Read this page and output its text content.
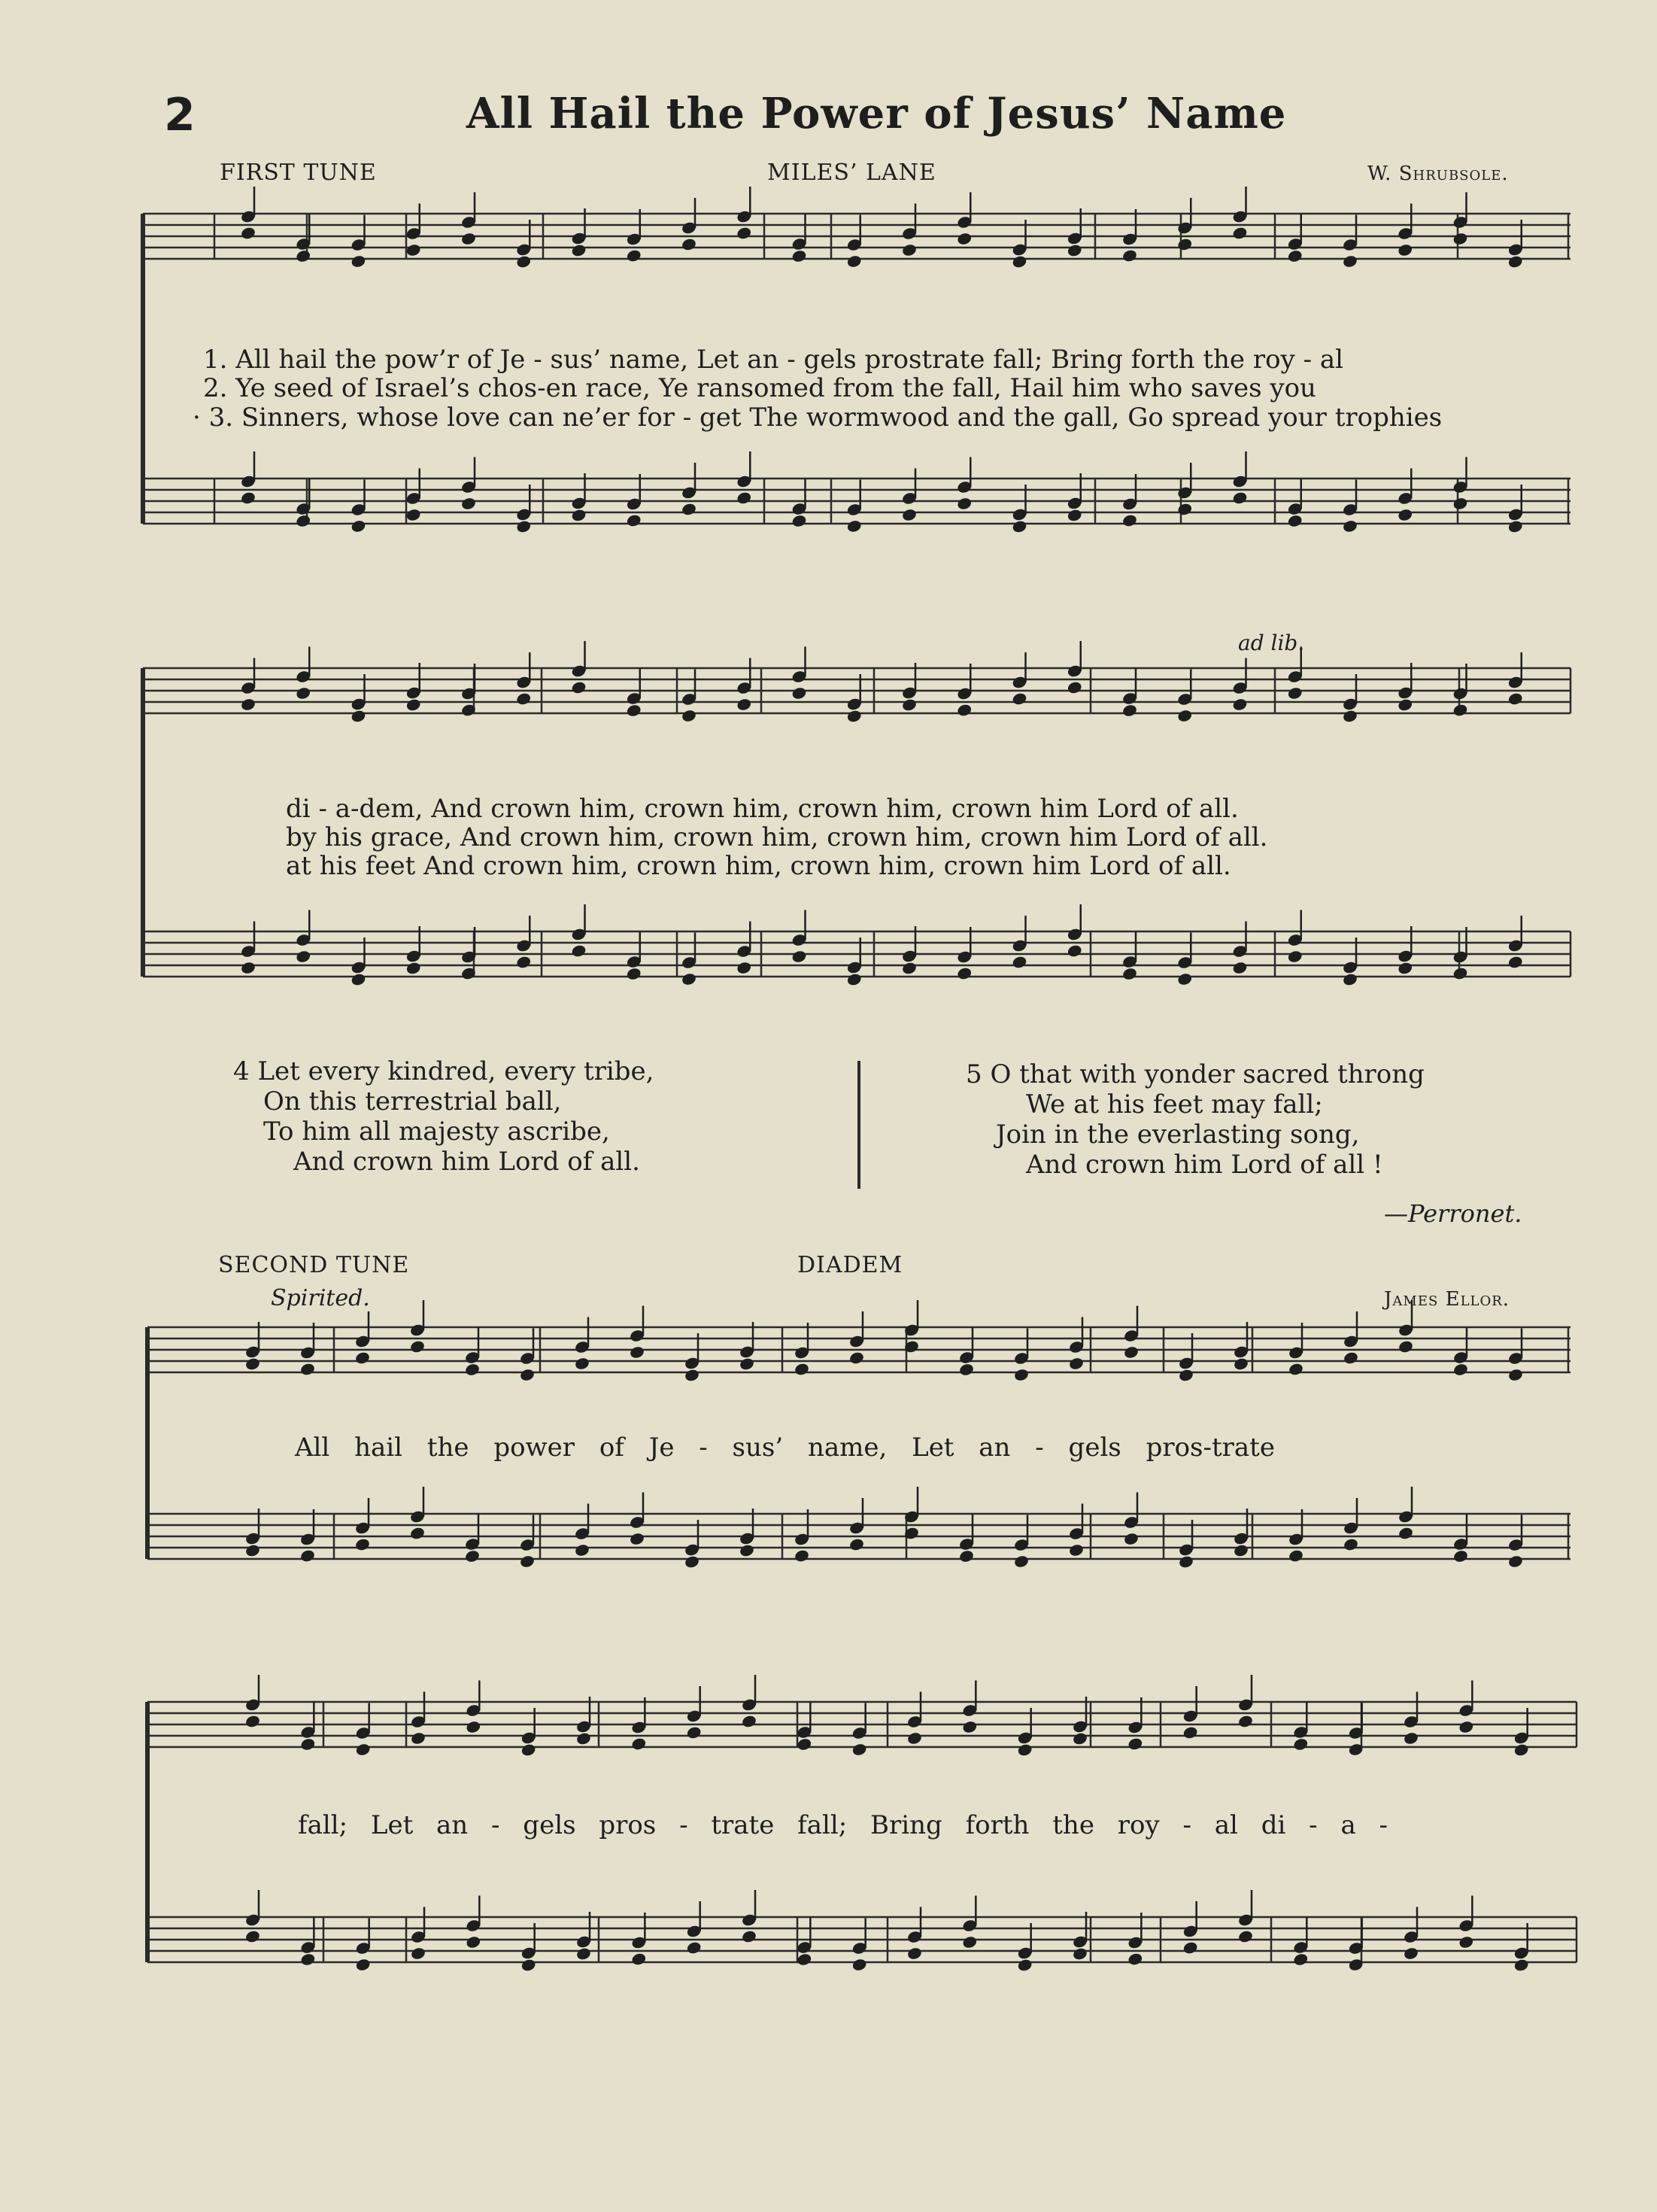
2	All Hail the Power of Jesus’ Name
FIRST TUNE	MILES’ LANE	W. Shrubsole.
1. All hail the pow’r of Je - sus’ name, Let an - gels prostrate fall; Bring forth the roy - al
2. Ye seed of Israel’s chos-en race, Ye ransomed from the fall, Hail him who saves you
· 3. Sinners, whose love can ne’er for - get The wormwood and the gall, Go spread your trophies
ad lib.
di - a-dem, And crown him, crown him, crown him, crown him Lord of all.
by his grace, And crown him, crown him, crown him, crown him Lord of all.
at his feet And crown him, crown him, crown him, crown him Lord of all.
4 Let every kindred, every tribe,
On this terrestrial ball,
To him all majesty ascribe,
And crown him Lord of all.
5 O that with yonder sacred throng
We at his feet may fall;
Join in the everlasting song,
And crown him Lord of all !
—Perronet.
SECOND TUNE	DIADEM
Spirited.	James Ellor.
All hail the power of Je - sus’ name, Let an - gels pros-trate
fall; Let an - gels pros - trate fall; Bring forth the roy - al di - a -
